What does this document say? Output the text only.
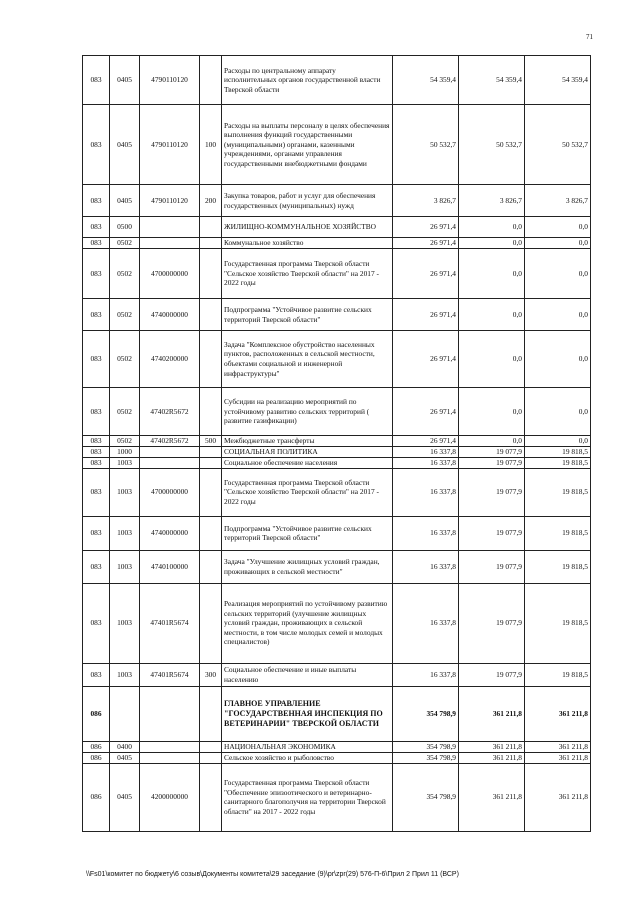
71
083	0405	4790110120		Расходы по центральному аппарату исполнительных органов государственной власти Тверской области	54 359,4	54 359,4	54 359,4
083	0405	4790110120	100	Расходы на выплаты персоналу в целях обеспечения выполнения функций государственными (муниципальными) органами, казенными учреждениями, органами управления государственными внебюджетными фондами	50 532,7	50 532,7	50 532,7
083	0405	4790110120	200	Закупка товаров, работ и услуг для обеспечения государственных (муниципальных) нужд	3 826,7	3 826,7	3 826,7
083	0500			ЖИЛИЩНО-КОММУНАЛЬНОЕ ХОЗЯЙСТВО	26 971,4	0,0	0,0
083	0502			Коммунальное хозяйство	26 971,4	0,0	0,0
083	0502	4700000000		Государственная программа Тверской области "Сельское хозяйство Тверской области" на 2017 - 2022 годы	26 971,4	0,0	0,0
083	0502	4740000000		Подпрограмма "Устойчивое развитие сельских территорий Тверской области"	26 971,4	0,0	0,0
083	0502	4740200000		Задача "Комплексное обустройство населенных пунктов, расположенных в сельской местности, объектами социальной и инженерной инфраструктуры"	26 971,4	0,0	0,0
083	0502	47402R5672		Субсидии на реализацию мероприятий по устойчивому развитию сельских территорий ( развитие газификации)	26 971,4	0,0	0,0
083	0502	47402R5672	500	Межбюджетные трансферты	26 971,4	0,0	0,0
083	1000			СОЦИАЛЬНАЯ ПОЛИТИКА	16 337,8	19 077,9	19 818,5
083	1003			Социальное обеспечение населения	16 337,8	19 077,9	19 818,5
083	1003	4700000000		Государственная программа Тверской области "Сельское хозяйство Тверской области" на 2017 - 2022 годы	16 337,8	19 077,9	19 818,5
083	1003	4740000000		Подпрограмма "Устойчивое развитие сельских территорий Тверской области"	16 337,8	19 077,9	19 818,5
083	1003	4740100000		Задача "Улучшение жилищных условий граждан, проживающих в сельской местности"	16 337,8	19 077,9	19 818,5
083	1003	47401R5674		Реализация мероприятий по устойчивому развитию сельских территорий (улучшение жилищных условий граждан, проживающих в сельской местности, в том числе молодых семей и молодых специалистов)	16 337,8	19 077,9	19 818,5
083	1003	47401R5674	300	Социальное обеспечение и иные выплаты населению	16 337,8	19 077,9	19 818,5
086				ГЛАВНОЕ УПРАВЛЕНИЕ "ГОСУДАРСТВЕННАЯ ИНСПЕКЦИЯ ПО ВЕТЕРИНАРИИ" ТВЕРСКОЙ ОБЛАСТИ	354 798,9	361 211,8	361 211,8
086	0400			НАЦИОНАЛЬНАЯ ЭКОНОМИКА	354 798,9	361 211,8	361 211,8
086	0405			Сельское хозяйство и рыболовство	354 798,9	361 211,8	361 211,8
086	0405	4200000000		Государственная программа Тверской области "Обеспечение эпизоотического и ветеринарно-санитарного благополучия на территории Тверской области" на 2017 - 2022 годы	354 798,9	361 211,8	361 211,8
\\Fs01\комитет по бюджету\6 созыв\Документы комитета\29 заседание (9)\pr\zpr(29) 576-П-6\Прил 2 Прил 11 (ВСР)
